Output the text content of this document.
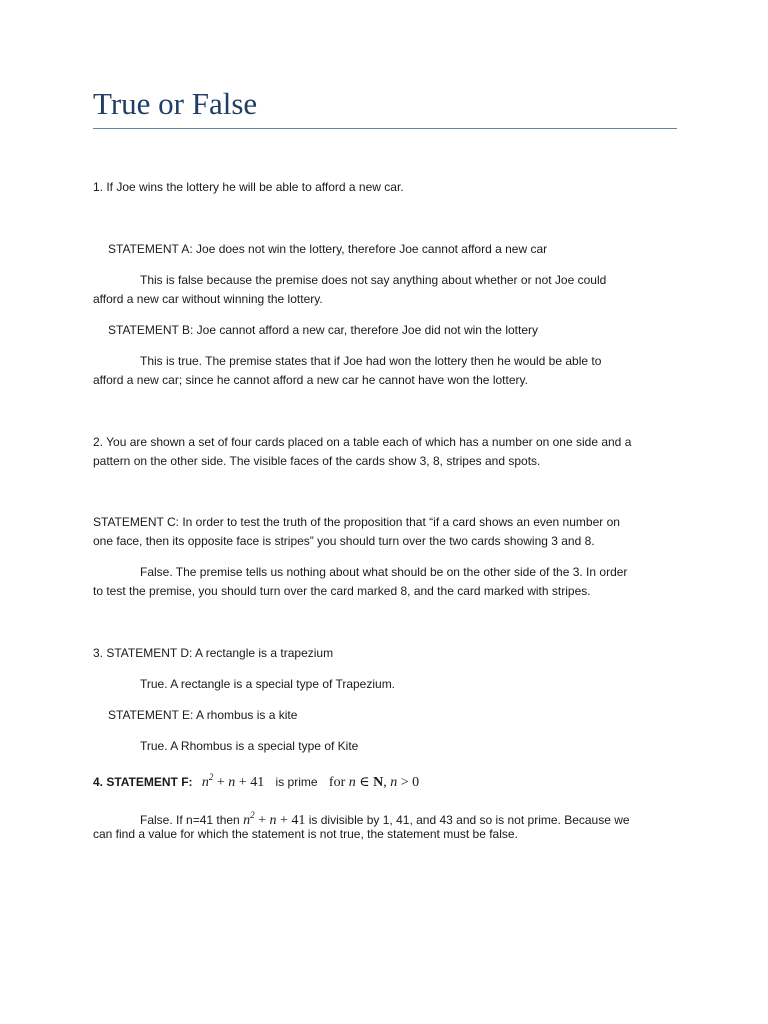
True or False

1. If Joe wins the lottery he will be able to afford a new car.

STATEMENT A: Joe does not win the lottery, therefore Joe cannot afford a new car

This is false because the premise does not say anything about whether or not Joe could

afford a new car without winning the lottery.

STATEMENT B: Joe cannot afford a new car, therefore Joe did not win the lottery

This is true. The premise states that if Joe had won the lottery then he would be able to

afford a new car; since he cannot afford a new car he cannot have won the lottery.

2. You are shown a set of four cards placed on a table each of which has a number on one side and a

pattern on the other side. The visible faces of the cards show 3, 8, stripes and spots.

STATEMENT C: In order to test the truth of the proposition that “if a card shows an even number on

one face, then its opposite face is stripes” you should turn over the two cards showing 3 and 8.

False. The premise tells us nothing about what should be on the other side of the 3. In order

to test the premise, you should turn over the card marked 8, and the card marked with stripes.

3. STATEMENT D: A rectangle is a trapezium

True. A rectangle is a special type of Trapezium.

STATEMENT E: A rhombus is a kite

True. A Rhombus is a special type of Kite

4. STATEMENT F: $n^2 + n + 41$ is prime for n ∈ N, n > 0

False. If n=41 then $n^2 + n + 41$ is divisible by 1, 41, and 43 and so is not prime. Because we

can find a value for which the statement is not true, the statement must be false.
